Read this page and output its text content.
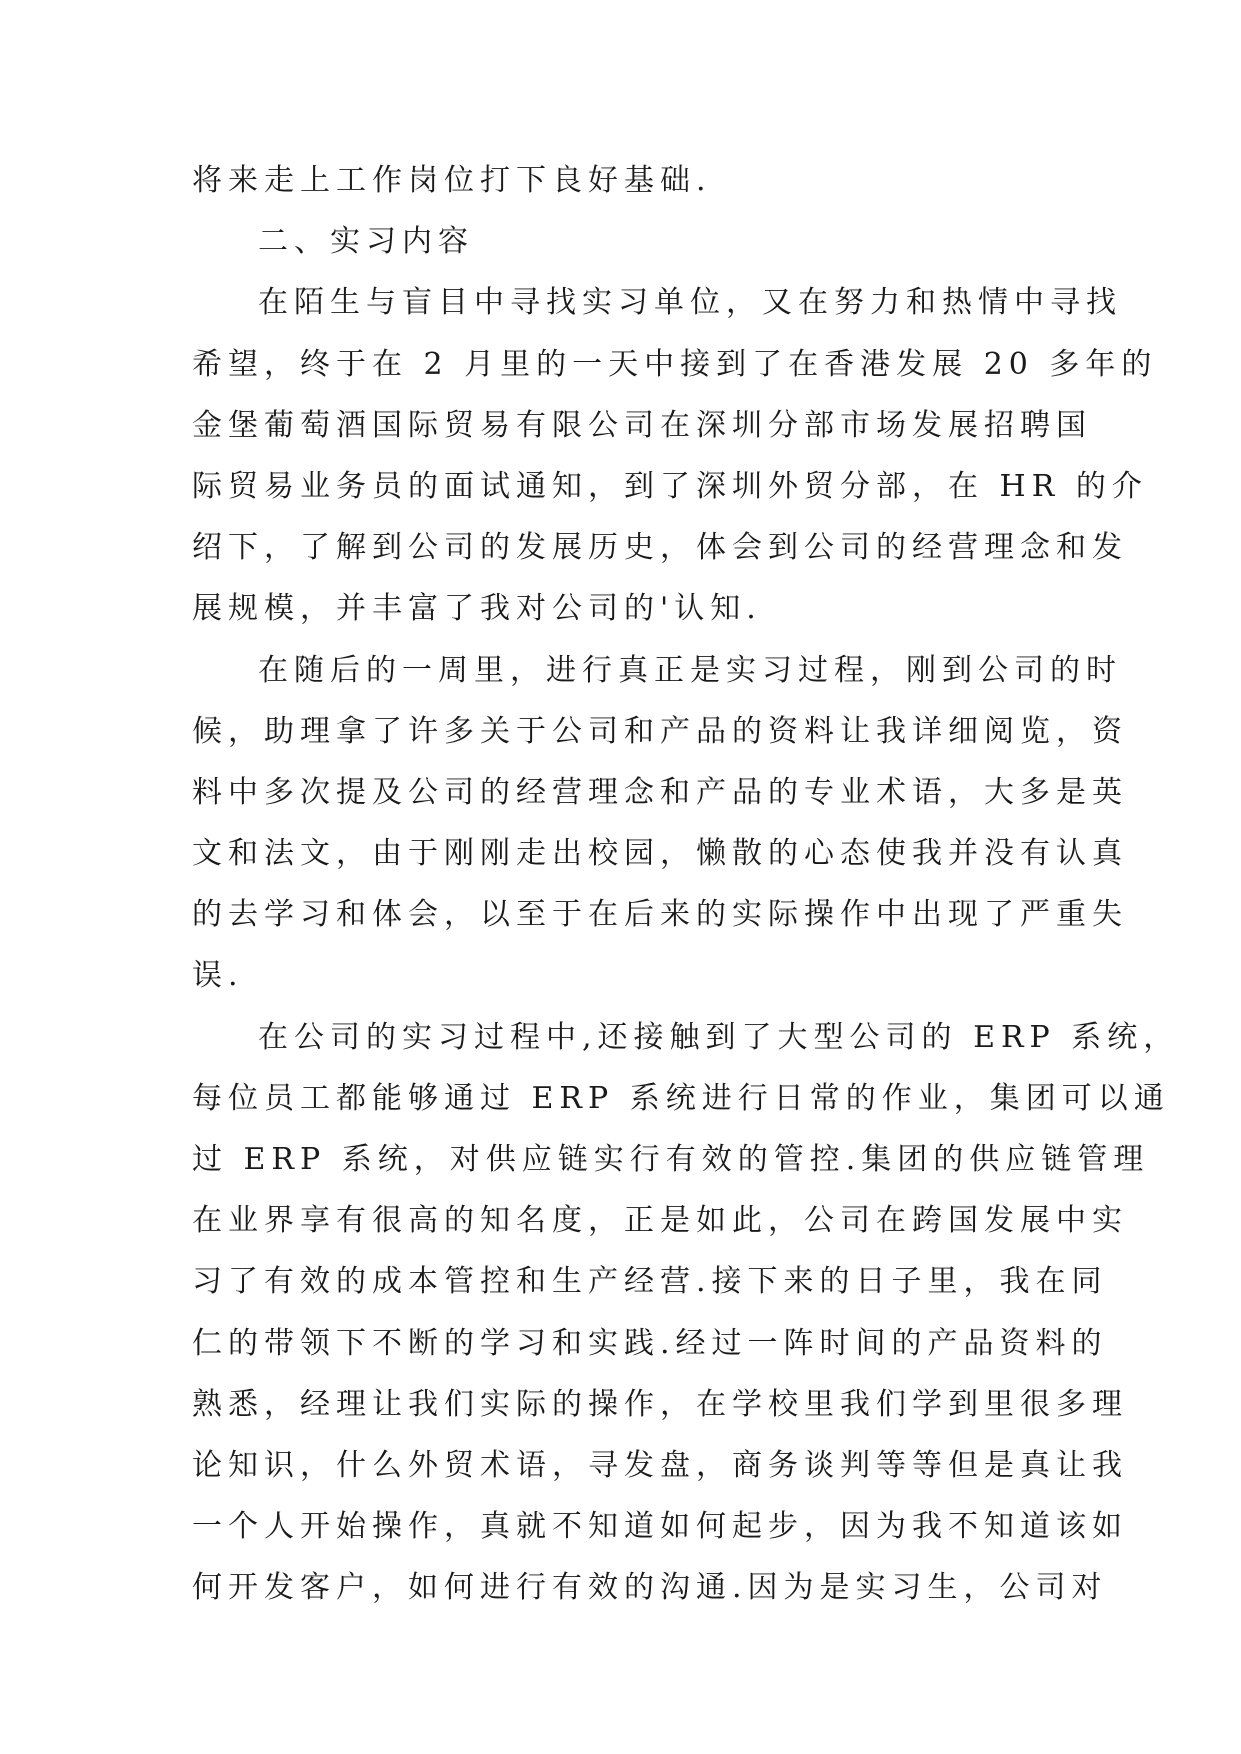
将来走上工作岗位打下良好基础.
二、实习内容
在陌生与盲目中寻找实习单位，又在努力和热情中寻找
希望，终于在 2 月里的一天中接到了在香港发展 20 多年的
金堡葡萄酒国际贸易有限公司在深圳分部市场发展招聘国
际贸易业务员的面试通知，到了深圳外贸分部，在 HR 的介
绍下，了解到公司的发展历史，体会到公司的经营理念和发
展规模，并丰富了我对公司的'认知.
在随后的一周里，进行真正是实习过程，刚到公司的时
候，助理拿了许多关于公司和产品的资料让我详细阅览，资
料中多次提及公司的经营理念和产品的专业术语，大多是英
文和法文，由于刚刚走出校园，懒散的心态使我并没有认真
的去学习和体会，以至于在后来的实际操作中出现了严重失
误.
在公司的实习过程中,还接触到了大型公司的 ERP 系统，
每位员工都能够通过 ERP 系统进行日常的作业，集团可以通
过 ERP 系统，对供应链实行有效的管控.集团的供应链管理
在业界享有很高的知名度，正是如此，公司在跨国发展中实
习了有效的成本管控和生产经营.接下来的日子里，我在同
仁的带领下不断的学习和实践.经过一阵时间的产品资料的
熟悉，经理让我们实际的操作，在学校里我们学到里很多理
论知识，什么外贸术语，寻发盘，商务谈判等等但是真让我
一个人开始操作，真就不知道如何起步，因为我不知道该如
何开发客户，如何进行有效的沟通.因为是实习生，公司对
